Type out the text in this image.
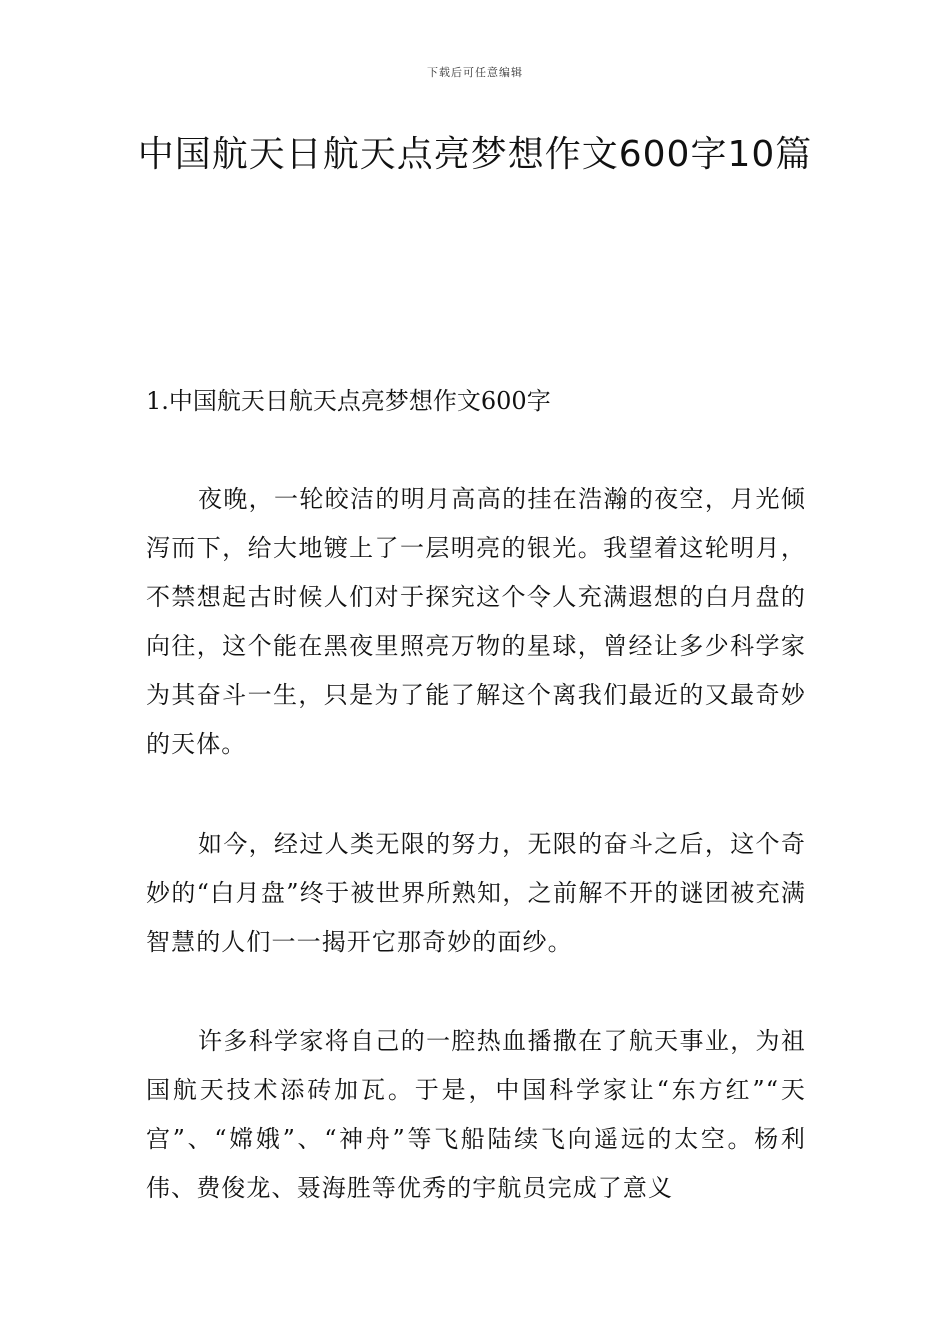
下载后可任意编辑
中国航天日航天点亮梦想作文600字10篇
1.中国航天日航天点亮梦想作文600字

夜晚，一轮皎洁的明月高高的挂在浩瀚的夜空，月光倾泻而下，给大地镀上了一层明亮的银光。我望着这轮明月，不禁想起古时候人们对于探究这个令人充满遐想的白月盘的向往，这个能在黑夜里照亮万物的星球，曾经让多少科学家为其奋斗一生，只是为了能了解这个离我们最近的又最奇妙的天体。

如今，经过人类无限的努力，无限的奋斗之后，这个奇妙的“白月盘”终于被世界所熟知，之前解不开的谜团被充满智慧的人们一一揭开它那奇妙的面纱。

许多科学家将自己的一腔热血播撒在了航天事业，为祖国航天技术添砖加瓦。于是，中国科学家让“东方红”“天宫”、“嫦娥”、“神舟”等飞船陆续飞向遥远的太空。杨利伟、费俊龙、聂海胜等优秀的宇航员完成了意义
